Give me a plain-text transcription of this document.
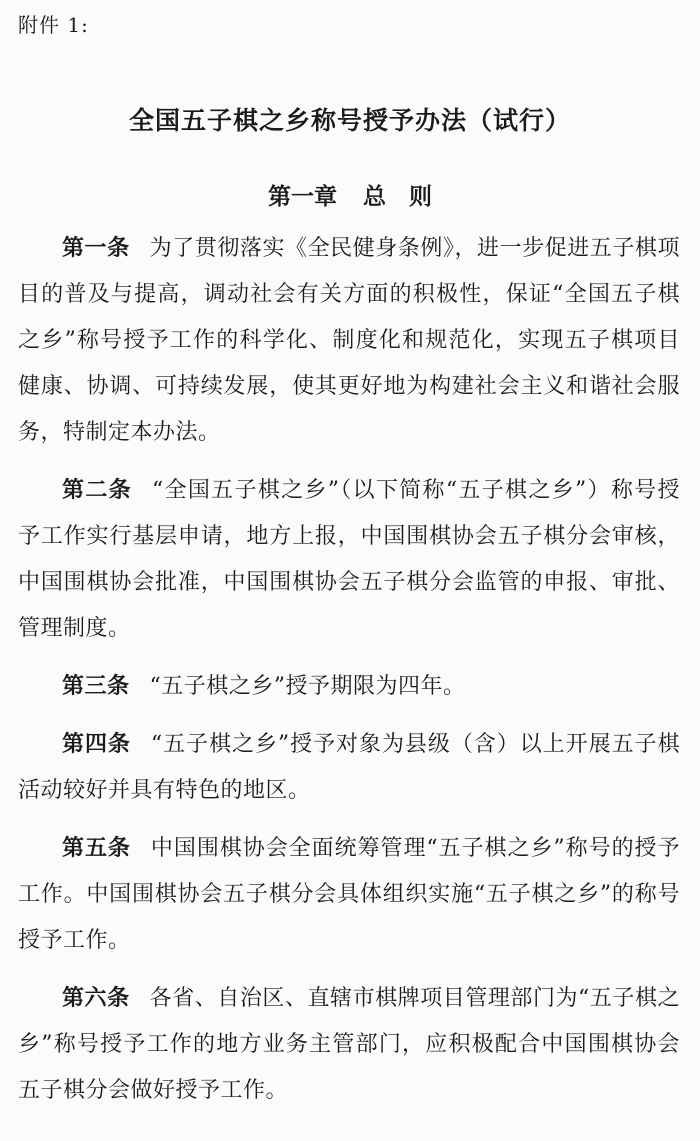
附件 1:
全国五子棋之乡称号授予办法（试行）
第一章 总　则

第一条 为了贯彻落实《全民健身条例》，进一步促进五子棋项目的普及与提高，调动社会有关方面的积极性，保证“全国五子棋之乡”称号授予工作的科学化、制度化和规范化，实现五子棋项目健康、协调、可持续发展，使其更好地为构建社会主义和谐社会服务，特制定本办法。

第二条 “全国五子棋之乡”（以下简称“五子棋之乡”）称号授予工作实行基层申请，地方上报，中国围棋协会五子棋分会审核，中国围棋协会批准，中国围棋协会五子棋分会监管的申报、审批、管理制度。

第三条 “五子棋之乡”授予期限为四年。

第四条 “五子棋之乡”授予对象为县级（含）以上开展五子棋活动较好并具有特色的地区。

第五条 中国围棋协会全面统筹管理“五子棋之乡”称号的授予工作。中国围棋协会五子棋分会具体组织实施“五子棋之乡”的称号授予工作。

第六条 各省、自治区、直辖市棋牌项目管理部门为“五子棋之乡”称号授予工作的地方业务主管部门，应积极配合中国围棋协会五子棋分会做好授予工作。
